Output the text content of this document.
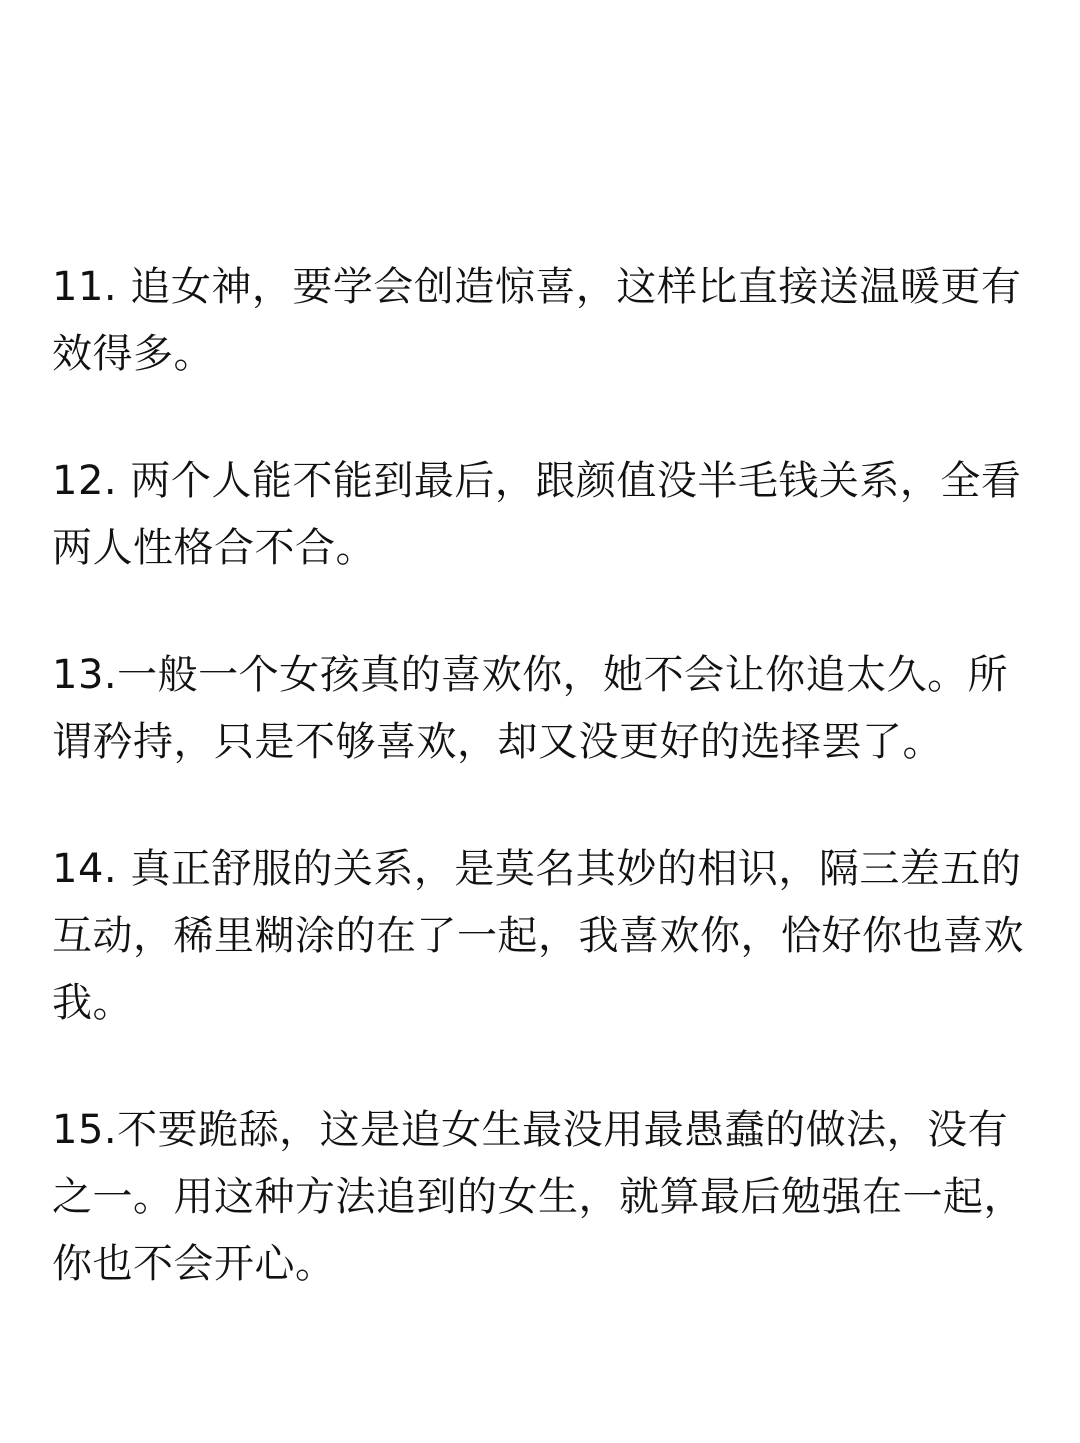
11. 追女神，要学会创造惊喜，这样比直接送温暖更有效得多。

12. 两个人能不能到最后，跟颜值没半毛钱关系，全看两人性格合不合。

13.一般一个女孩真的喜欢你，她不会让你追太久。所谓矜持，只是不够喜欢，却又没更好的选择罢了。

14. 真正舒服的关系，是莫名其妙的相识，隔三差五的互动，稀里糊涂的在了一起，我喜欢你，恰好你也喜欢我。

15.不要跪舔，这是追女生最没用最愚蠢的做法，没有之一。用这种方法追到的女生，就算最后勉强在一起，你也不会开心。
